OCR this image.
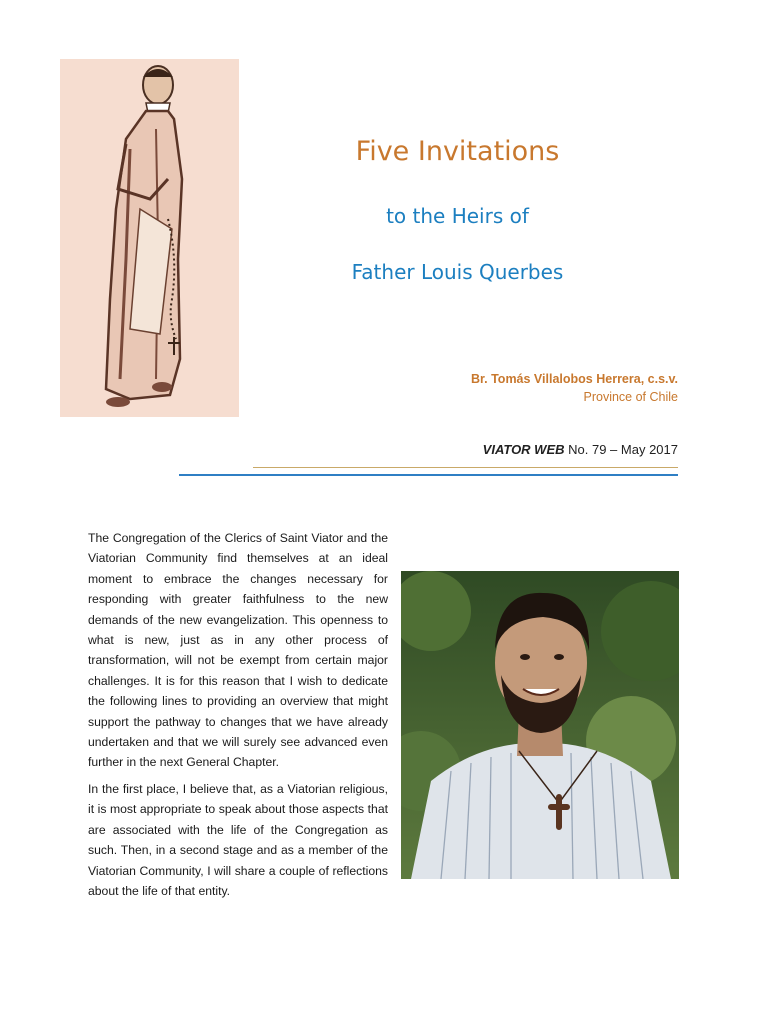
Five Invitations
to the Heirs of
Father Louis Querbes
Br. Tomás Villalobos Herrera, c.s.v.
Province of Chile
VIATOR WEB No. 79 – May 2017

The Congregation of the Clerics of Saint Viator and the Viatorian Community find themselves at an ideal moment to embrace the changes necessary for responding with greater faithfulness to the new demands of the new evangelization. This openness to what is new, just as in any other process of transformation, will not be exempt from certain major challenges. It is for this reason that I wish to dedicate the following lines to providing an overview that might support the pathway to changes that we have already undertaken and that we will surely see advanced even further in the next General Chapter.

In the first place, I believe that, as a Viatorian religious, it is most appropriate to speak about those aspects that are associated with the life of the Congregation as such. Then, in a second stage and as a member of the Viatorian Community, I will share a couple of reflections about the life of that entity.
